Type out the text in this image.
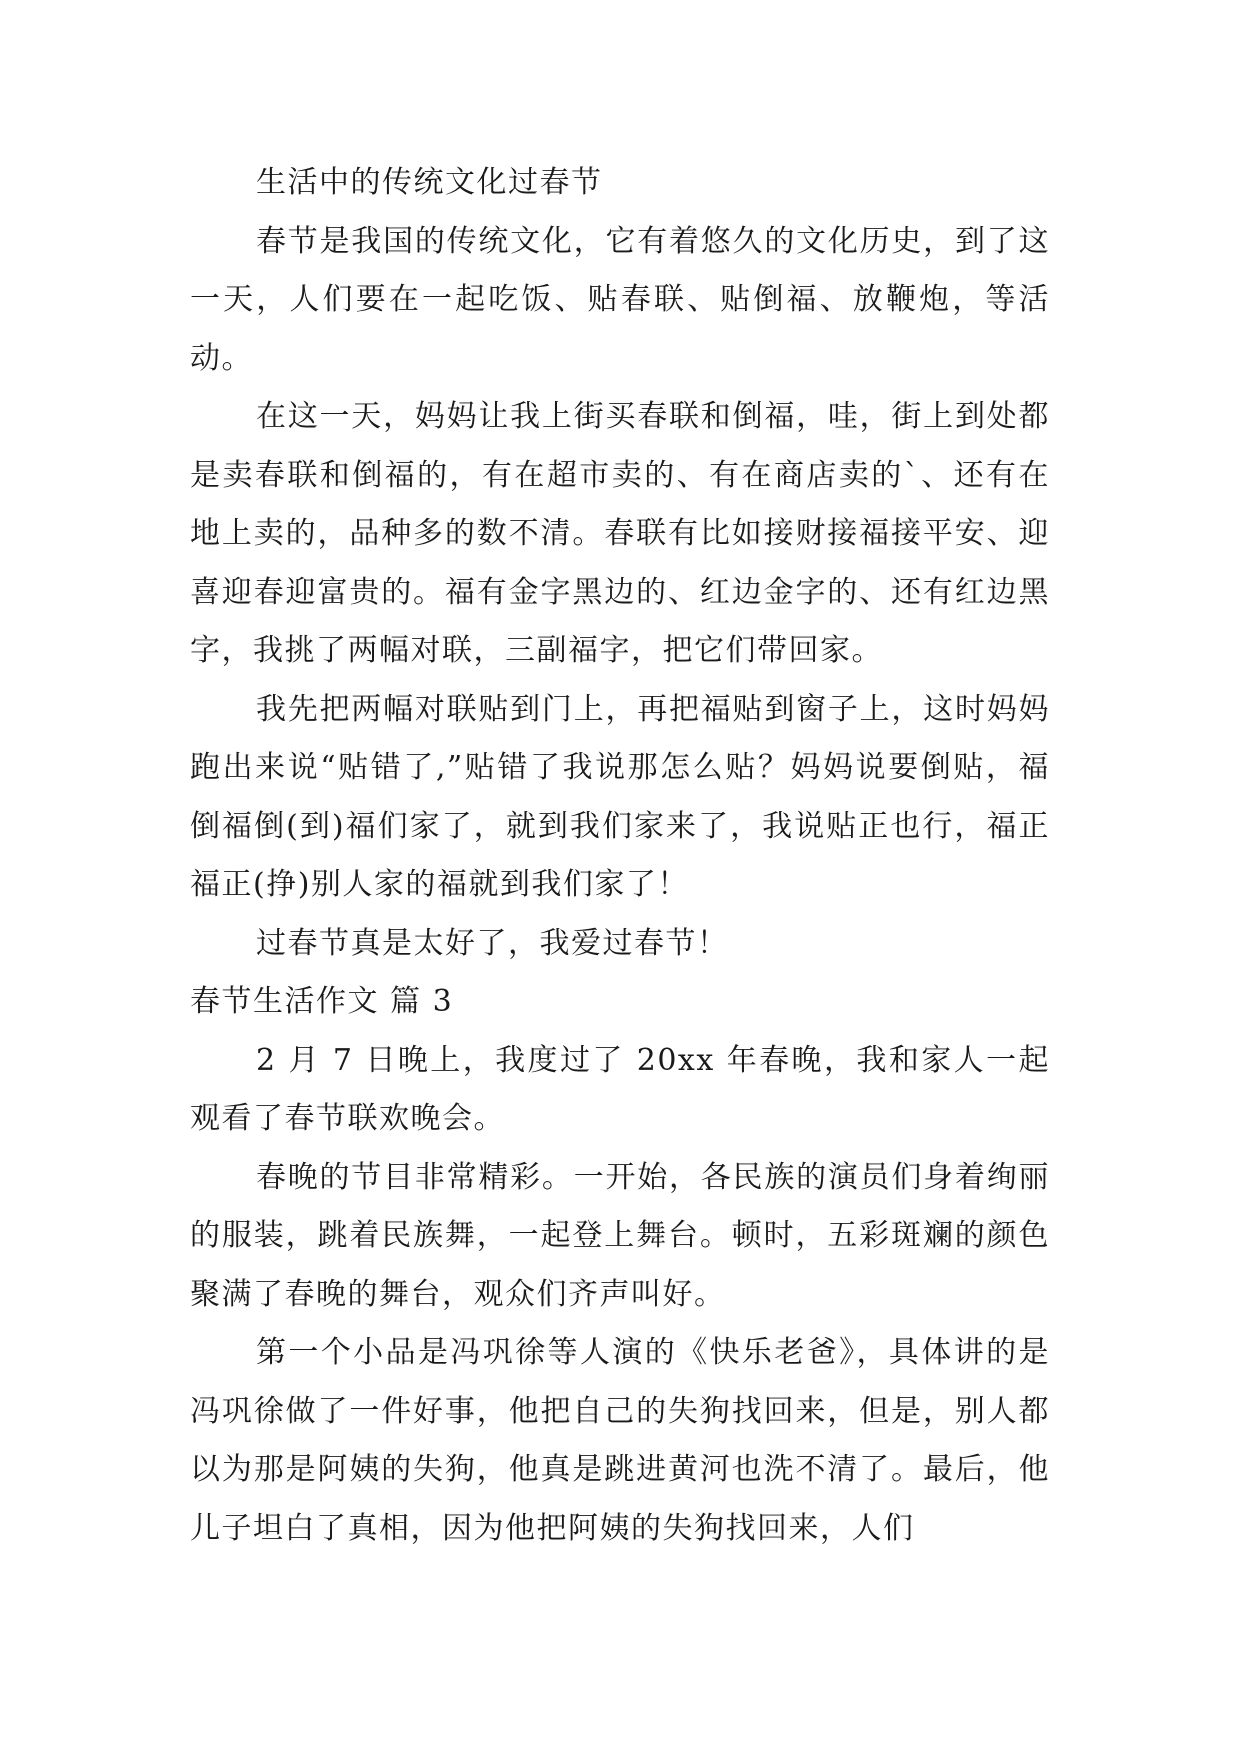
生活中的传统文化过春节

春节是我国的传统文化，它有着悠久的文化历史，到了这一天，人们要在一起吃饭、贴春联、贴倒福、放鞭炮，等活动。

在这一天，妈妈让我上街买春联和倒福，哇，街上到处都是卖春联和倒福的，有在超市卖的、有在商店卖的`、还有在地上卖的，品种多的数不清。春联有比如接财接福接平安、迎喜迎春迎富贵的。福有金字黑边的、红边金字的、还有红边黑字，我挑了两幅对联，三副福字，把它们带回家。

我先把两幅对联贴到门上，再把福贴到窗子上，这时妈妈跑出来说“贴错了,”贴错了我说那怎么贴？妈妈说要倒贴，福倒福倒(到)福们家了，就到我们家来了，我说贴正也行，福正福正(挣)别人家的福就到我们家了！

过春节真是太好了，我爱过春节！

春节生活作文 篇 3

2 月 7 日晚上，我度过了 20xx 年春晚，我和家人一起观看了春节联欢晚会。

春晚的节目非常精彩。一开始，各民族的演员们身着绚丽的服装，跳着民族舞，一起登上舞台。顿时，五彩斑斓的颜色聚满了春晚的舞台，观众们齐声叫好。

第一个小品是冯巩徐等人演的《快乐老爸》，具体讲的是冯巩徐做了一件好事，他把自己的失狗找回来，但是，别人都以为那是阿姨的失狗，他真是跳进黄河也洗不清了。最后，他儿子坦白了真相，因为他把阿姨的失狗找回来，人们
